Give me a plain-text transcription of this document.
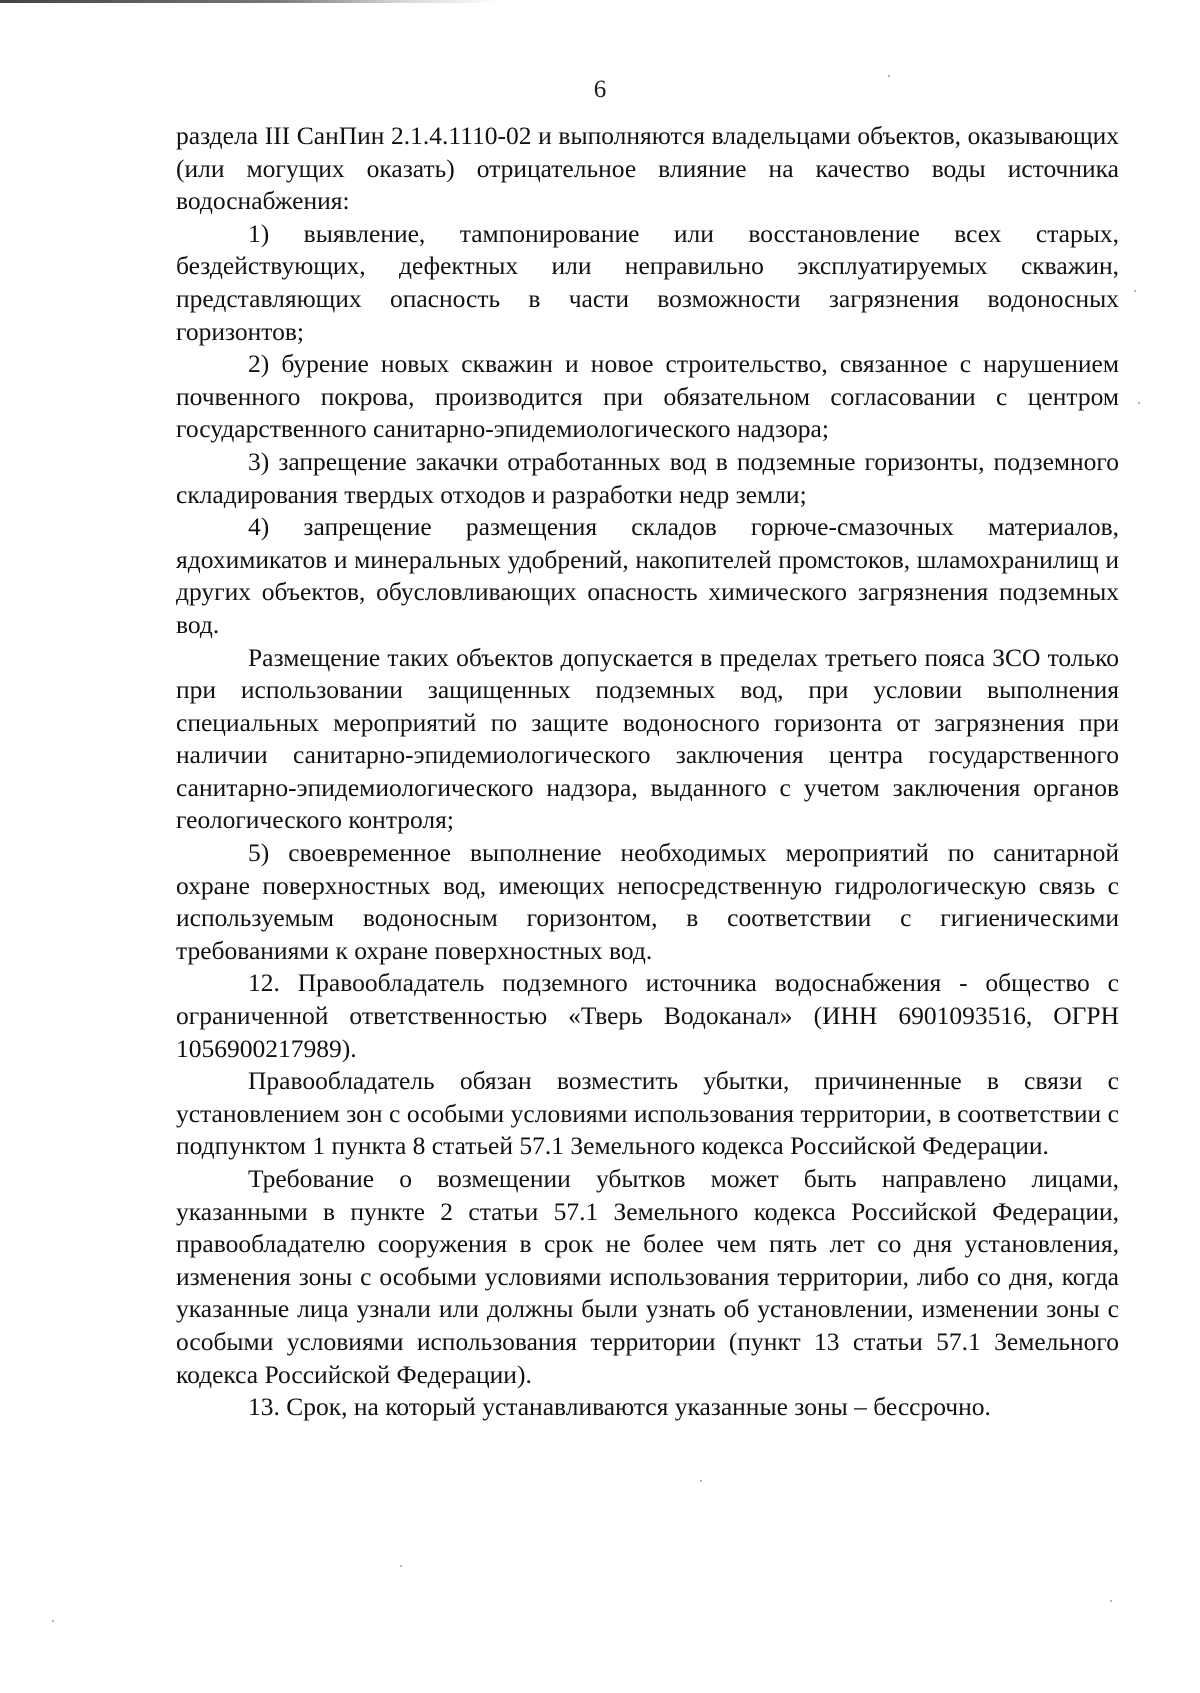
6

раздела III СанПин 2.1.4.1110-02 и выполняются владельцами объектов, оказывающих (или могущих оказать) отрицательное влияние на качество воды источника водоснабжения:

1) выявление, тампонирование или восстановление всех старых, бездействующих, дефектных или неправильно эксплуатируемых скважин, представляющих опасность в части возможности загрязнения водоносных горизонтов;

2) бурение новых скважин и новое строительство, связанное с нарушением почвенного покрова, производится при обязательном согласовании с центром государственного санитарно-эпидемиологического надзора;

3) запрещение закачки отработанных вод в подземные горизонты, подземного складирования твердых отходов и разработки недр земли;

4) запрещение размещения складов горюче-смазочных материалов, ядохимикатов и минеральных удобрений, накопителей промстоков, шламохранилищ и других объектов, обусловливающих опасность химического загрязнения подземных вод.

Размещение таких объектов допускается в пределах третьего пояса ЗСО только при использовании защищенных подземных вод, при условии выполнения специальных мероприятий по защите водоносного горизонта от загрязнения при наличии санитарно-эпидемиологического заключения центра государственного санитарно-эпидемиологического надзора, выданного с учетом заключения органов геологического контроля;

5) своевременное выполнение необходимых мероприятий по санитарной охране поверхностных вод, имеющих непосредственную гидрологическую связь с используемым водоносным горизонтом, в соответствии с гигиеническими требованиями к охране поверхностных вод.

12. Правообладатель подземного источника водоснабжения - общество с ограниченной ответственностью «Тверь Водоканал» (ИНН 6901093516, ОГРН 1056900217989).

Правообладатель обязан возместить убытки, причиненные в связи с установлением зон с особыми условиями использования территории, в соответствии с подпунктом 1 пункта 8 статьей 57.1 Земельного кодекса Российской Федерации.

Требование о возмещении убытков может быть направлено лицами, указанными в пункте 2 статьи 57.1 Земельного кодекса Российской Федерации, правообладателю сооружения в срок не более чем пять лет со дня установления, изменения зоны с особыми условиями использования территории, либо со дня, когда указанные лица узнали или должны были узнать об установлении, изменении зоны с особыми условиями использования территории (пункт 13 статьи 57.1 Земельного кодекса Российской Федерации).

13. Срок, на который устанавливаются указанные зоны – бессрочно.
